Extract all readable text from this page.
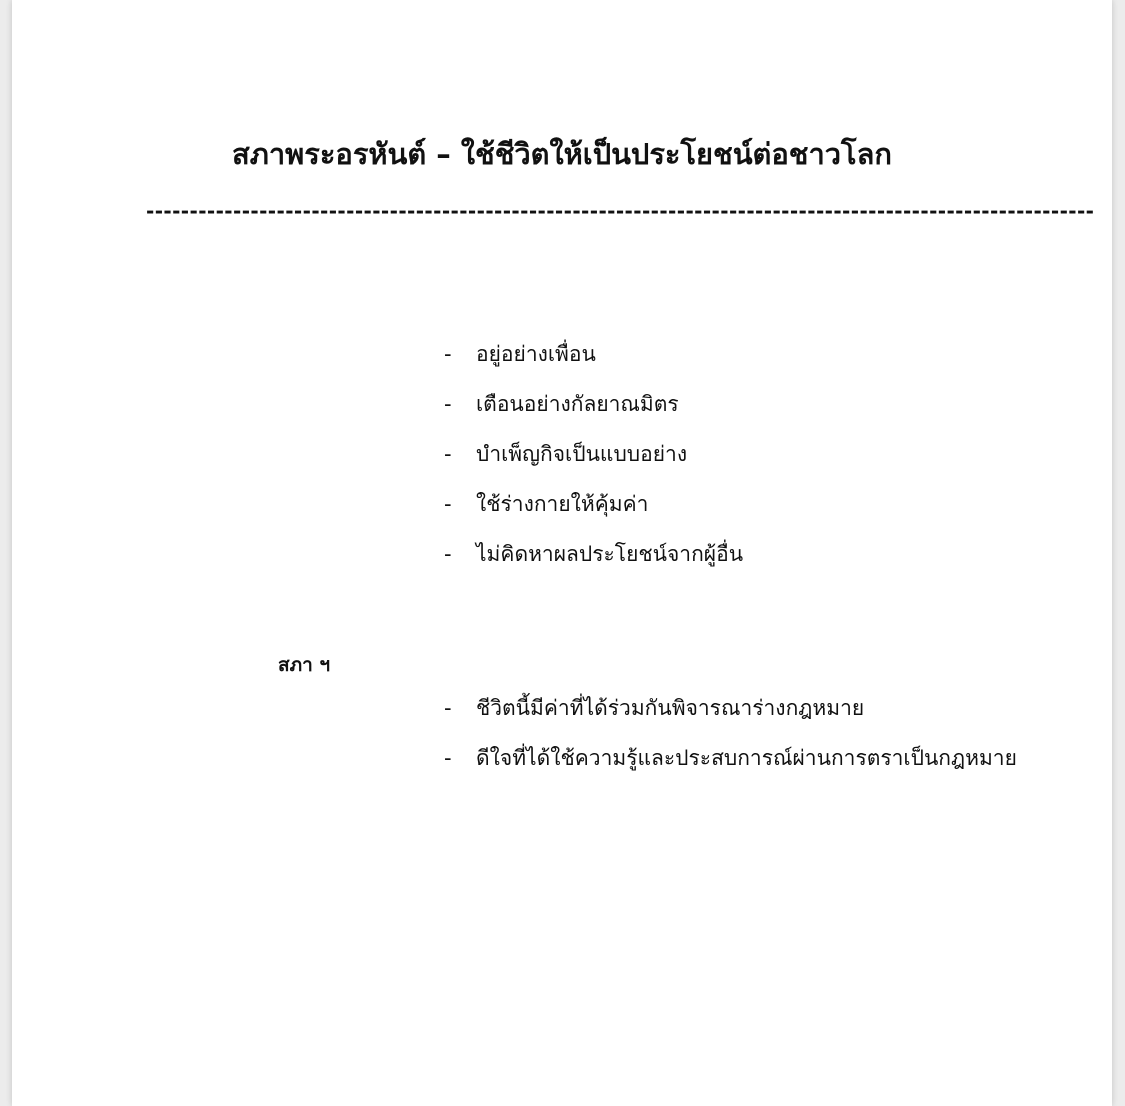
สภาพระอรหันต์ – ใช้ชีวิตให้เป็นประโยชน์ต่อชาวโลก
-------------------------------------------------------------------------------------------------------------
-	อยู่อย่างเพื่อน
-	เตือนอย่างกัลยาณมิตร
-	บำเพ็ญกิจเป็นแบบอย่าง
-	ใช้ร่างกายให้คุ้มค่า
-	ไม่คิดหาผลประโยชน์จากผู้อื่น
สภา ฯ
-	ชีวิตนี้มีค่าที่ได้ร่วมกันพิจารณาร่างกฎหมาย
-	ดีใจที่ได้ใช้ความรู้และประสบการณ์ผ่านการตราเป็นกฎหมาย
